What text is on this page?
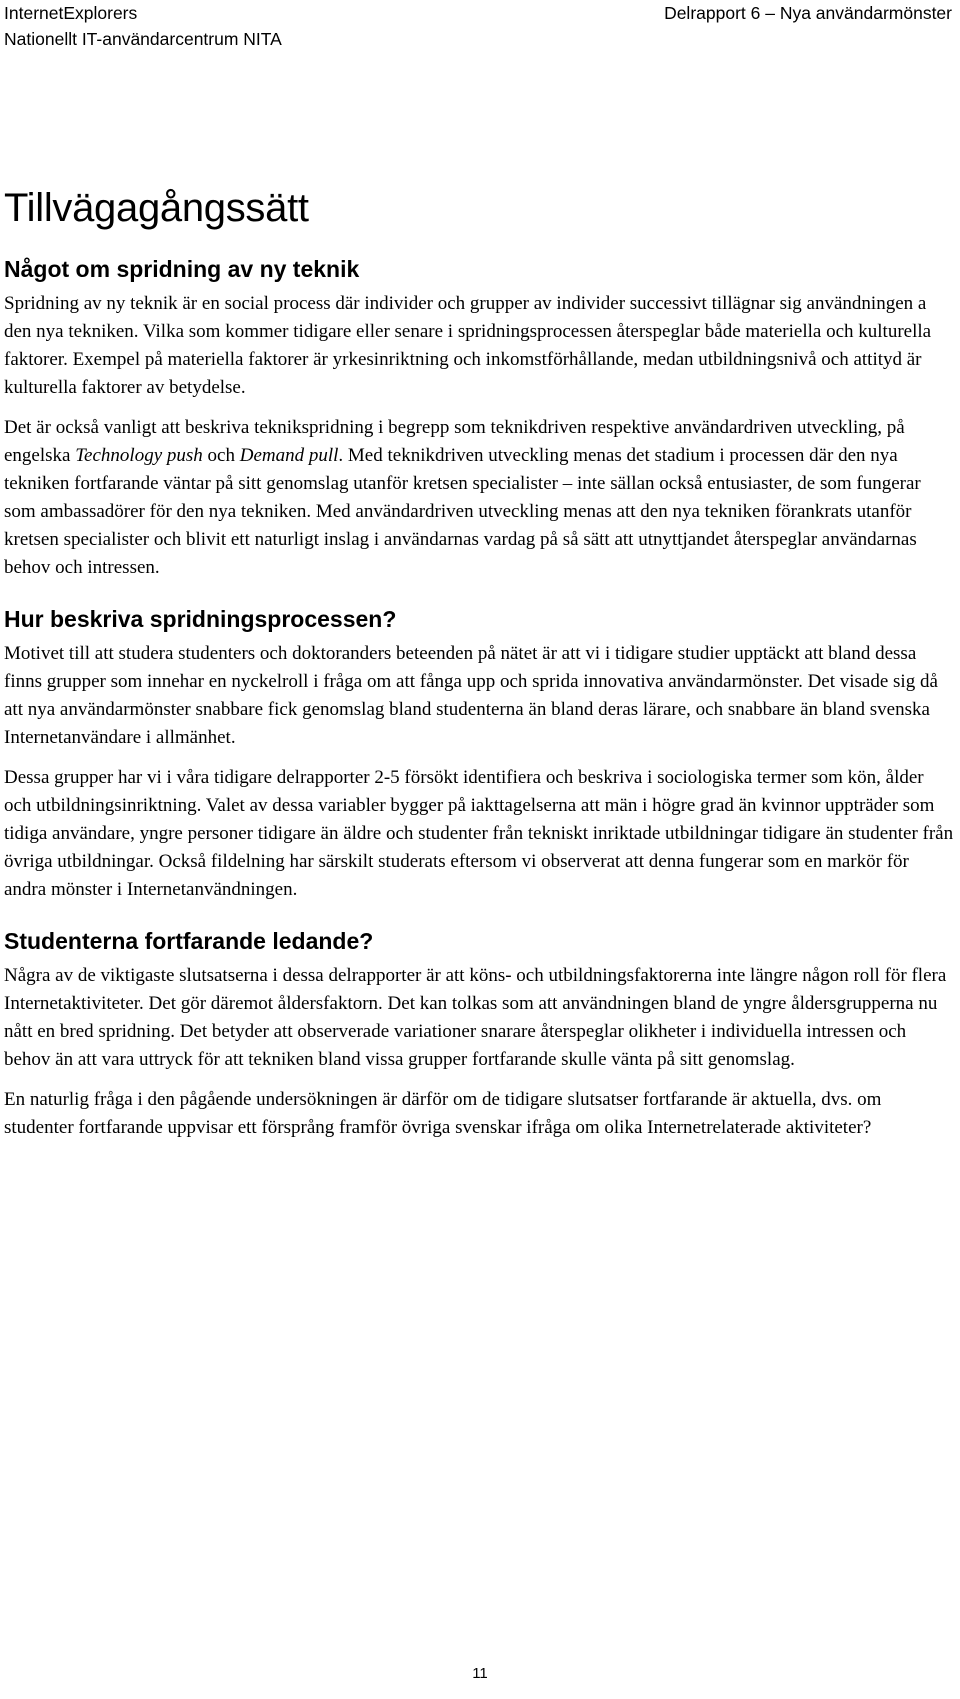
InternetExplorers
Nationellt IT-användarcentrum NITA
Delrapport 6 – Nya användarmönster
Tillvägagångssätt
Något om spridning av ny teknik

Spridning av ny teknik är en social process där individer och grupper av individer successivt tillägnar sig användningen a den nya tekniken. Vilka som kommer tidigare eller senare i spridningsprocessen återspeglar både materiella och kulturella faktorer. Exempel på materiella faktorer är yrkesinriktning och inkomstförhållande, medan utbildningsnivå och attityd är kulturella faktorer av betydelse.

Det är också vanligt att beskriva teknikspridning i begrepp som teknikdriven respektive användardriven utveckling, på engelska Technology push och Demand pull. Med teknikdriven utveckling menas det stadium i processen där den nya tekniken fortfarande väntar på sitt genomslag utanför kretsen specialister – inte sällan också entusiaster, de som fungerar som ambassadörer för den nya tekniken. Med användardriven utveckling menas att den nya tekniken förankrats utanför kretsen specialister och blivit ett naturligt inslag i användarnas vardag på så sätt att utnyttjandet återspeglar användarnas behov och intressen.

Hur beskriva spridningsprocessen?

Motivet till att studera studenters och doktoranders beteenden på nätet är att vi i tidigare studier upptäckt att bland dessa finns grupper som innehar en nyckelroll i fråga om att fånga upp och sprida innovativa användarmönster. Det visade sig då att nya användarmönster snabbare fick genomslag bland studenterna än bland deras lärare, och snabbare än bland svenska Internetanvändare i allmänhet.

Dessa grupper har vi i våra tidigare delrapporter 2-5 försökt identifiera och beskriva i sociologiska termer som kön, ålder och utbildningsinriktning. Valet av dessa variabler bygger på iakttagelserna att män i högre grad än kvinnor uppträder som tidiga användare, yngre personer tidigare än äldre och studenter från tekniskt inriktade utbildningar tidigare än studenter från övriga utbildningar. Också fildelning har särskilt studerats eftersom vi observerat att denna fungerar som en markör för andra mönster i Internetanvändningen.

Studenterna fortfarande ledande?

Några av de viktigaste slutsatserna i dessa delrapporter är att köns- och utbildningsfaktorerna inte längre någon roll för flera Internetaktiviteter. Det gör däremot åldersfaktorn. Det kan tolkas som att användningen bland de yngre åldersgrupperna nu nått en bred spridning. Det betyder att observerade variationer snarare återspeglar olikheter i individuella intressen och behov än att vara uttryck för att tekniken bland vissa grupper fortfarande skulle vänta på sitt genomslag.

En naturlig fråga i den pågående undersökningen är därför om de tidigare slutsatser fortfarande är aktuella, dvs. om studenter fortfarande uppvisar ett försprång framför övriga svenskar ifråga om olika Internetrelaterade aktiviteter?

11
